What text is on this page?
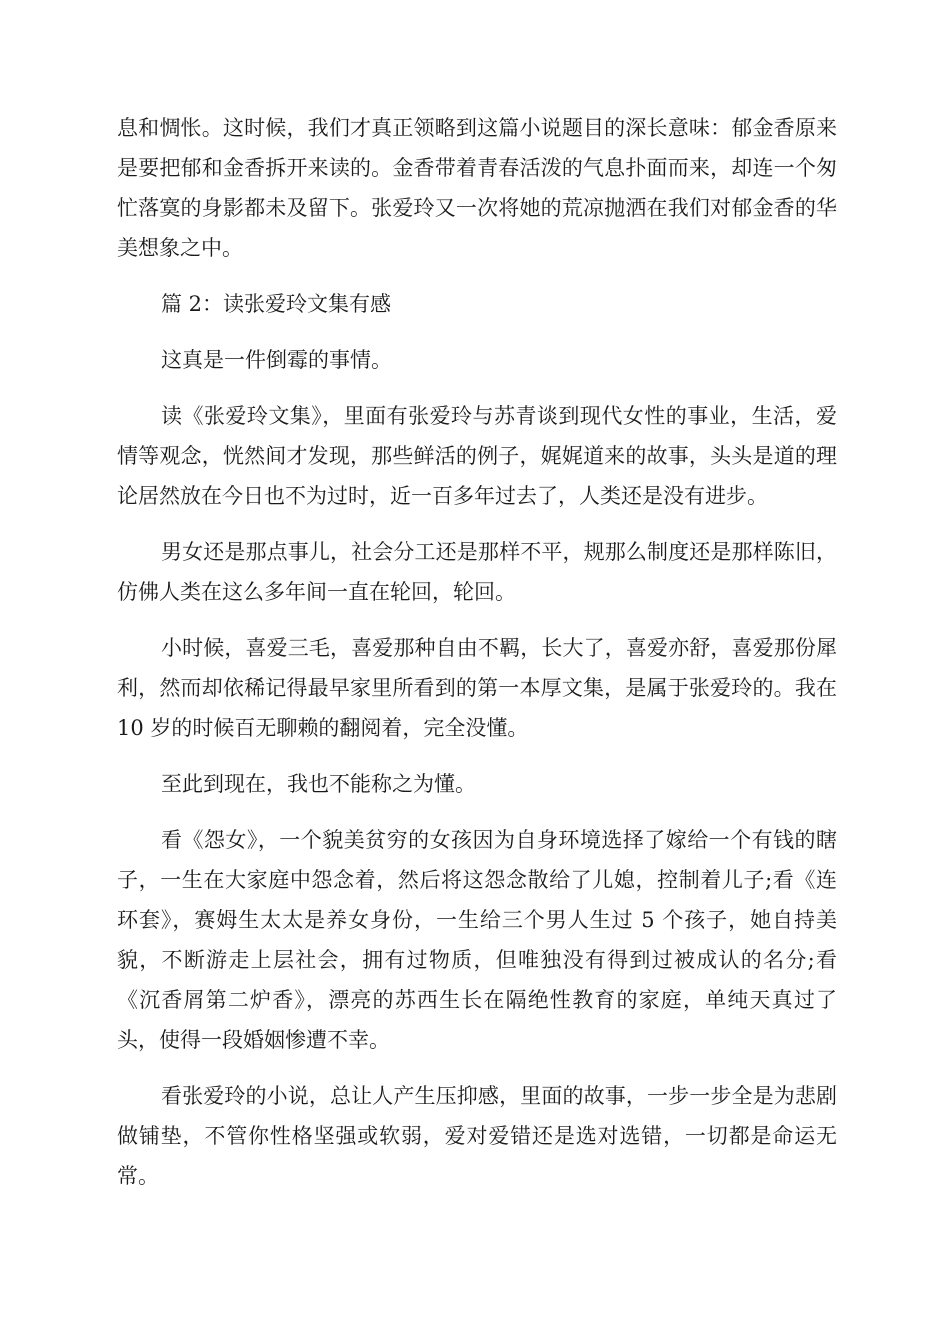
息和惆怅。这时候，我们才真正领略到这篇小说题目的深长意味：郁金香原来是要把郁和金香拆开来读的。金香带着青春活泼的气息扑面而来，却连一个匆忙落寞的身影都未及留下。张爱玲又一次将她的荒凉抛洒在我们对郁金香的华美想象之中。

篇 2：读张爱玲文集有感

这真是一件倒霉的事情。

读《张爱玲文集》，里面有张爱玲与苏青谈到现代女性的事业，生活，爱情等观念，恍然间才发现，那些鲜活的例子，娓娓道来的故事，头头是道的理论居然放在今日也不为过时，近一百多年过去了，人类还是没有进步。

男女还是那点事儿，社会分工还是那样不平，规那么制度还是那样陈旧，仿佛人类在这么多年间一直在轮回，轮回。

小时候，喜爱三毛，喜爱那种自由不羁，长大了，喜爱亦舒，喜爱那份犀利，然而却依稀记得最早家里所看到的第一本厚文集，是属于张爱玲的。我在 10 岁的时候百无聊赖的翻阅着，完全没懂。

至此到现在，我也不能称之为懂。

看《怨女》，一个貌美贫穷的女孩因为自身环境选择了嫁给一个有钱的瞎子，一生在大家庭中怨念着，然后将这怨念散给了儿媳，控制着儿子;看《连环套》，赛姆生太太是养女身份，一生给三个男人生过 5 个孩子，她自持美貌，不断游走上层社会，拥有过物质，但唯独没有得到过被成认的名分;看《沉香屑第二炉香》，漂亮的苏西生长在隔绝性教育的家庭，单纯天真过了头，使得一段婚姻惨遭不幸。

看张爱玲的小说，总让人产生压抑感，里面的故事，一步一步全是为悲剧做铺垫，不管你性格坚强或软弱，爱对爱错还是选对选错，一切都是命运无常。
